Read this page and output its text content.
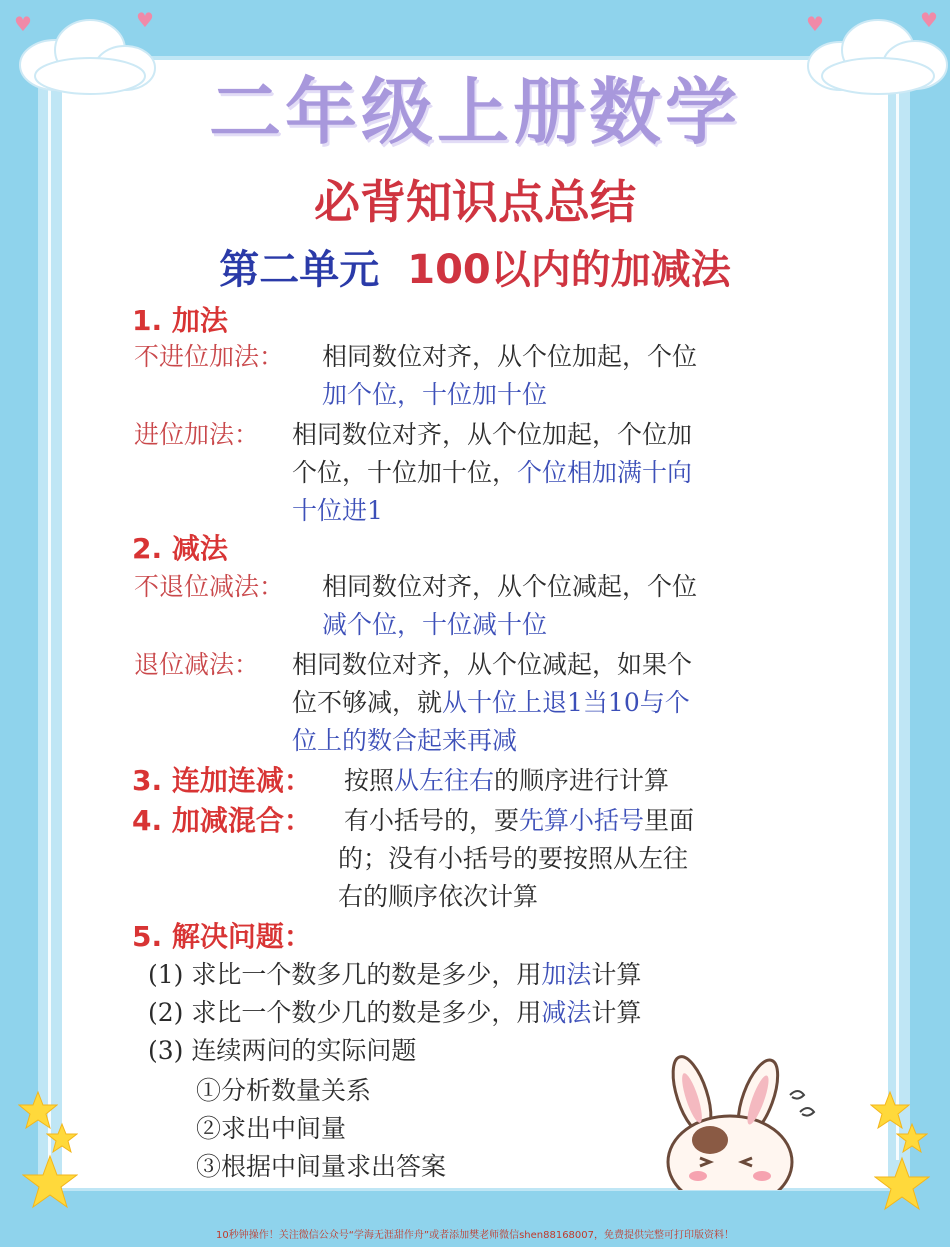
♥	♥	♥	♥
二年级上册数学
必背知识点总结
第二单元 100以内的加减法
1. 加法
不进位加法： 相同数位对齐，从个位加起，个位
加个位，十位加十位
进位加法： 相同数位对齐，从个位加起，个位加
个位，十位加十位，个位相加满十向
十位进1
2. 减法
不退位减法： 相同数位对齐，从个位减起，个位
减个位，十位减十位
退位减法： 相同数位对齐，从个位减起，如果个
位不够减，就从十位上退1当10与个
位上的数合起来再减
3. 连加连减： 按照从左往右的顺序进行计算
4. 加减混合： 有小括号的，要先算小括号里面
的；没有小括号的要按照从左往
右的顺序依次计算
5. 解决问题：
(1) 求比一个数多几的数是多少，用加法计算
(2) 求比一个数少几的数是多少，用减法计算
(3) 连续两问的实际问题
①分析数量关系
②求出中间量
③根据中间量求出答案
10秒钟操作！关注微信公众号“学海无涯甜作舟”或者添加樊老师微信shen88168007，免费提供完整可打印版资料！
